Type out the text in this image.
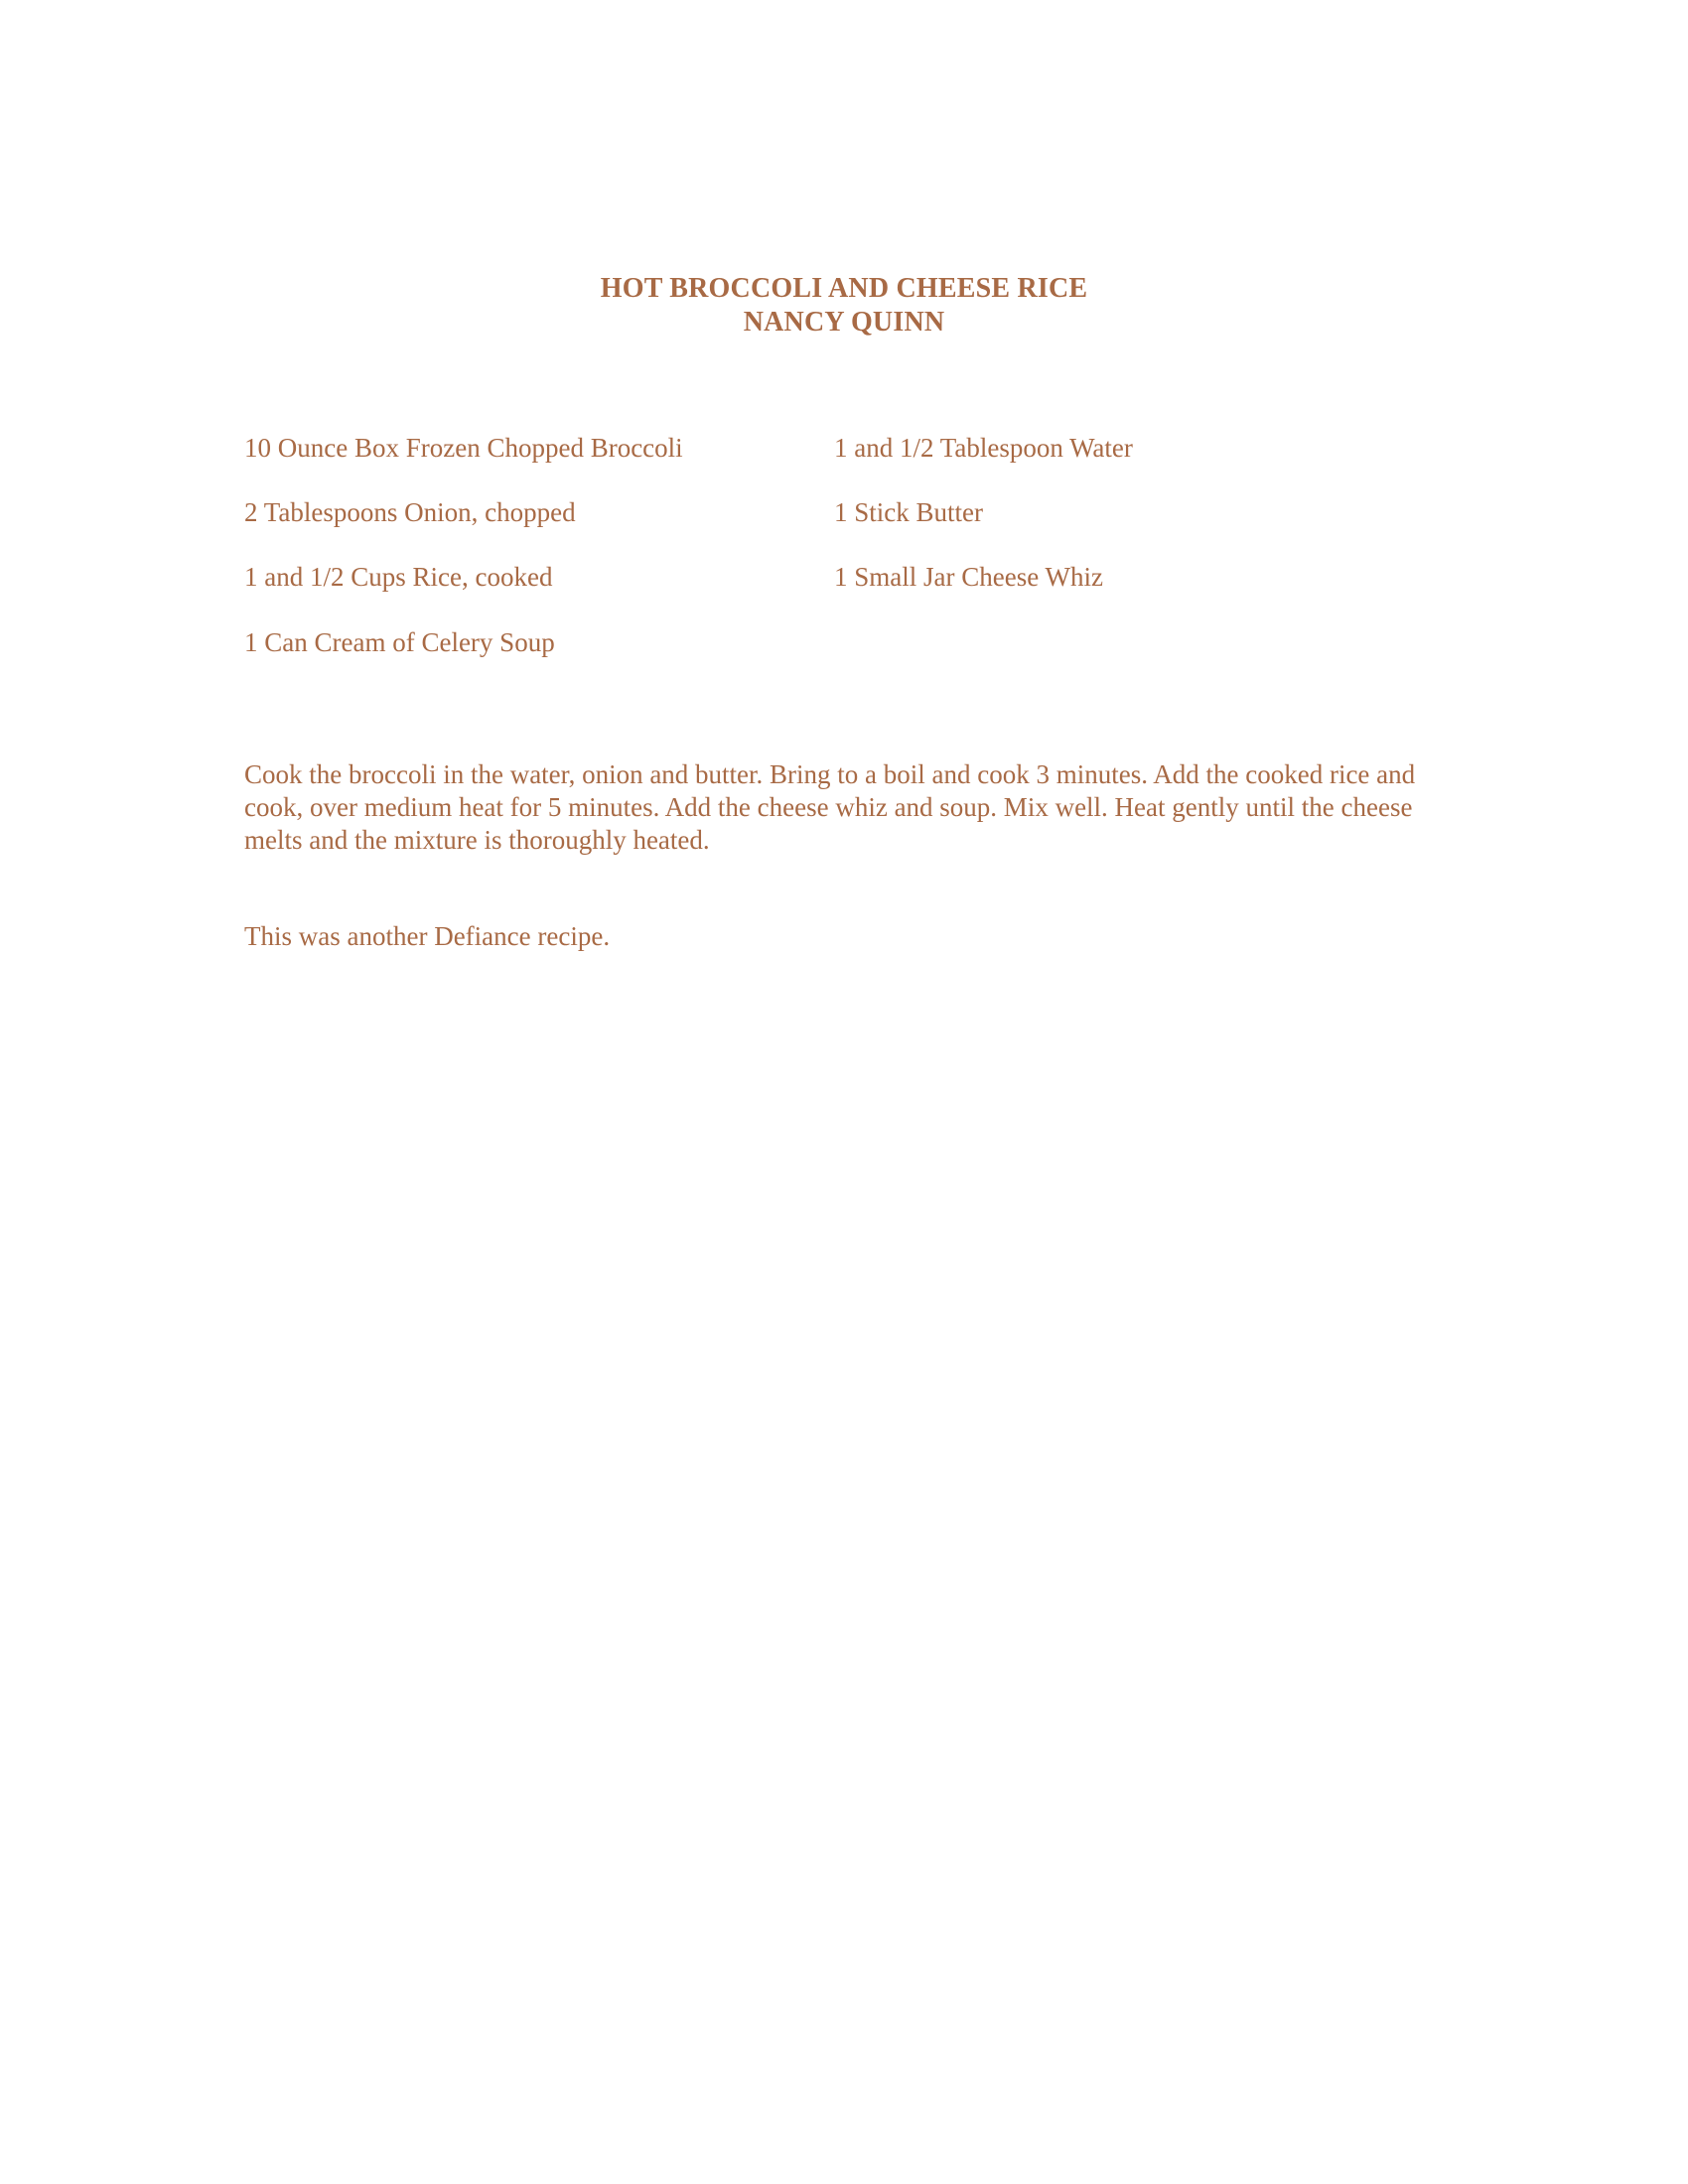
HOT BROCCOLI AND CHEESE RICE
NANCY QUINN
10 Ounce Box Frozen Chopped Broccoli
2 Tablespoons Onion, chopped
1 and 1/2 Cups Rice, cooked
1 Can Cream of Celery Soup
1 and 1/2 Tablespoon Water
1 Stick Butter
1 Small Jar Cheese Whiz
Cook the broccoli in the water, onion and butter. Bring to a boil and cook 3 minutes. Add the cooked rice and cook, over medium heat for 5 minutes. Add the cheese whiz and soup. Mix well. Heat gently until the cheese melts and the mixture is thoroughly heated.
This was another Defiance recipe.
